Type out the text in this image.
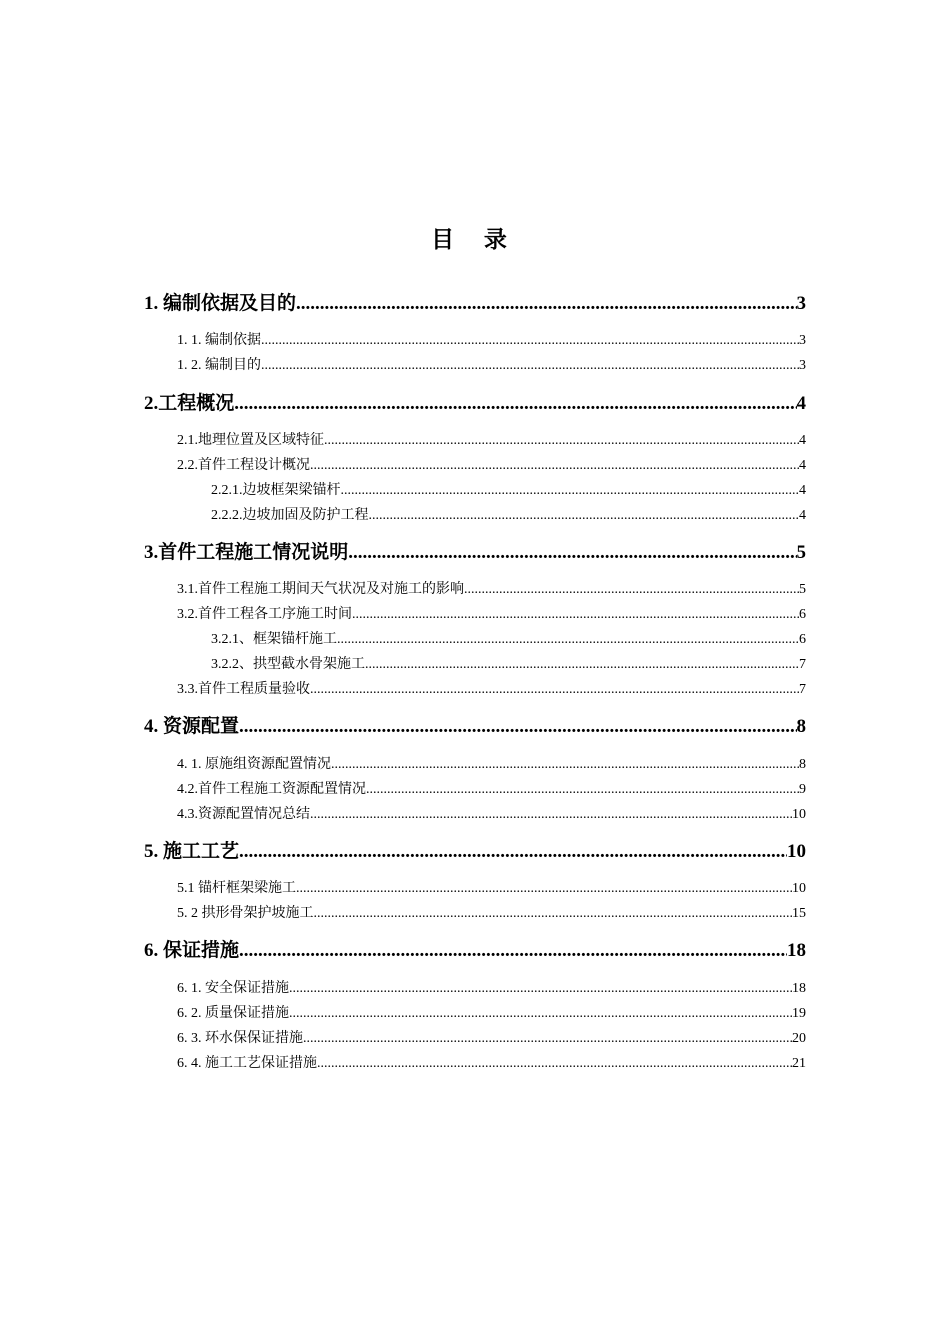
目 录
1. 编制依据及目的 .....	3
1. 1. 编制依据 .....	3
1. 2. 编制目的 .....	3
2.工程概况 .....	4
2.1.地理位置及区域特征 .....	4
2.2.首件工程设计概况 .....	4
2.2.1.边坡框架梁锚杆 .....	4
2.2.2.边坡加固及防护工程 .....	4
3.首件工程施工情况说明 .....	5
3.1.首件工程施工期间天气状况及对施工的影响 .....	5
3.2.首件工程各工序施工时间 .....	6
3.2.1、框架锚杆施工 .....	6
3.2.2、拱型截水骨架施工 .....	7
3.3.首件工程质量验收 .....	7
4. 资源配置 .....	8
4. 1. 原施组资源配置情况 .....	8
4.2.首件工程施工资源配置情况 .....	9
4.3.资源配置情况总结 .....	10
5. 施工工艺 .....	10
5.1 锚杆框架梁施工 .....	10
5. 2 拱形骨架护坡施工 .....	15
6. 保证措施 .....	18
6. 1. 安全保证措施 .....	18
6. 2. 质量保证措施 .....	19
6. 3. 环水保保证措施 .....	20
6. 4. 施工工艺保证措施 .....	21
